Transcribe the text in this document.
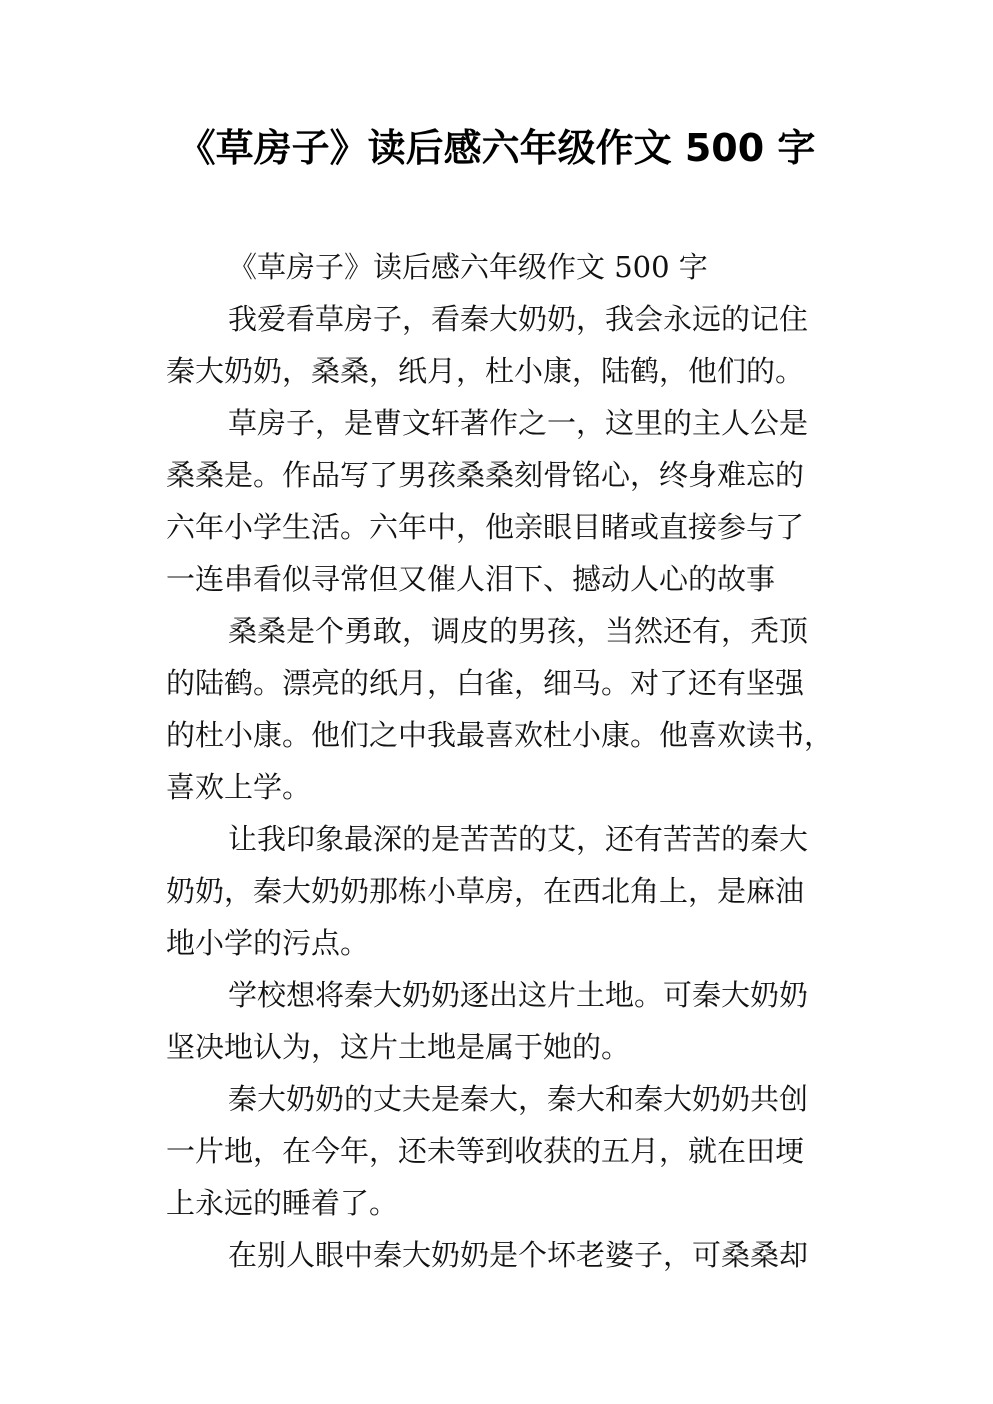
《草房子》读后感六年级作文 500 字
《草房子》读后感六年级作文 500 字
我爱看草房子，看秦大奶奶，我会永远的记住
秦大奶奶，桑桑，纸月，杜小康，陆鹤，他们的。
草房子，是曹文轩著作之一，这里的主人公是
桑桑是。作品写了男孩桑桑刻骨铭心，终身难忘的
六年小学生活。六年中，他亲眼目睹或直接参与了
一连串看似寻常但又催人泪下、撼动人心的故事
桑桑是个勇敢，调皮的男孩，当然还有，秃顶
的陆鹤。漂亮的纸月，白雀，细马。对了还有坚强
的杜小康。他们之中我最喜欢杜小康。他喜欢读书，
喜欢上学。
让我印象最深的是苦苦的艾，还有苦苦的秦大
奶奶，秦大奶奶那栋小草房，在西北角上，是麻油
地小学的污点。
学校想将秦大奶奶逐出这片土地。可秦大奶奶
坚决地认为，这片土地是属于她的。
秦大奶奶的丈夫是秦大，秦大和秦大奶奶共创
一片地，在今年，还未等到收获的五月，就在田埂
上永远的睡着了。
在别人眼中秦大奶奶是个坏老婆子，可桑桑却
